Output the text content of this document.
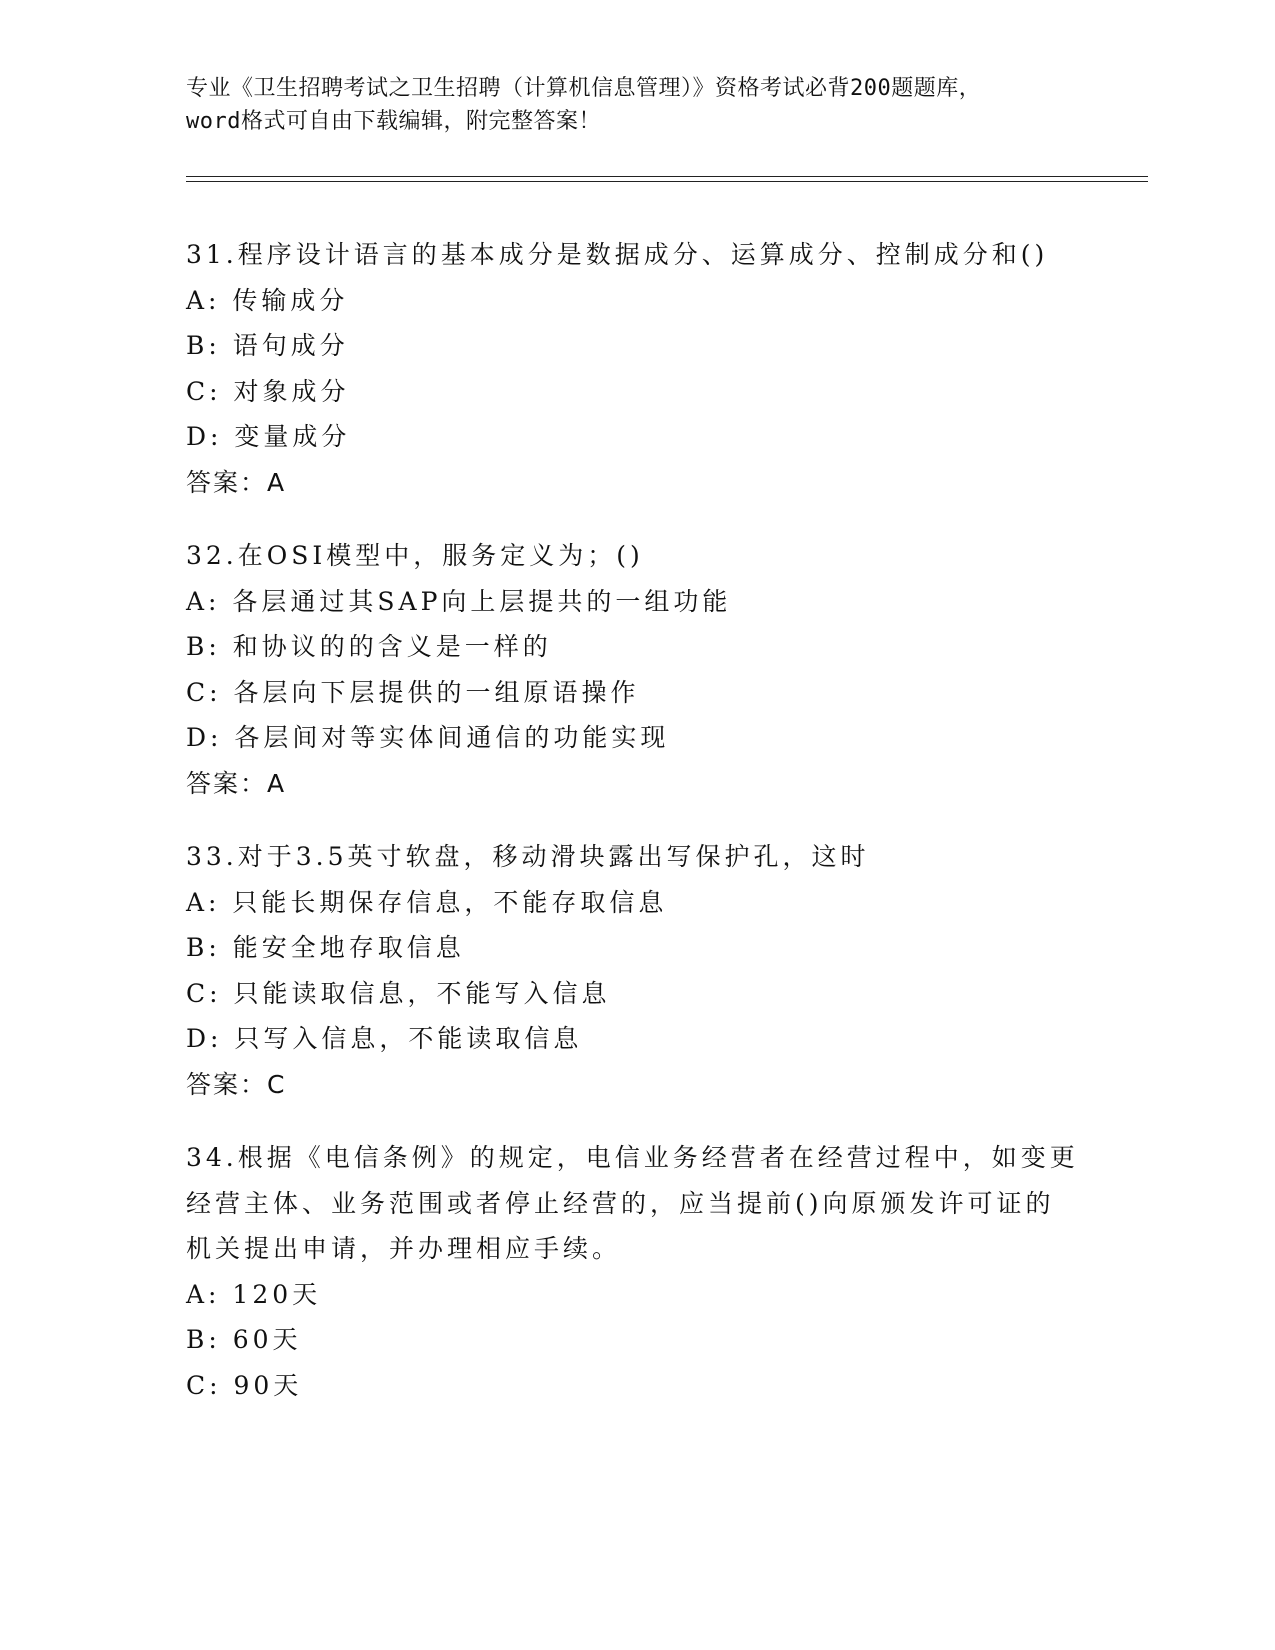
专业《卫生招聘考试之卫生招聘（计算机信息管理）》资格考试必背200题题库，
word格式可自由下载编辑，附完整答案！
31.程序设计语言的基本成分是数据成分、运算成分、控制成分和()
A: 传输成分
B: 语句成分
C: 对象成分
D: 变量成分
答案：A
32.在OSI模型中，服务定义为；()
A: 各层通过其SAP向上层提共的一组功能
B: 和协议的的含义是一样的
C: 各层向下层提供的一组原语操作
D: 各层间对等实体间通信的功能实现
答案：A
33.对于3.5英寸软盘，移动滑块露出写保护孔，这时
A: 只能长期保存信息，不能存取信息
B: 能安全地存取信息
C: 只能读取信息，不能写入信息
D: 只写入信息，不能读取信息
答案：C
34.根据《电信条例》的规定，电信业务经营者在经营过程中，如变更
经营主体、业务范围或者停止经营的，应当提前()向原颁发许可证的
机关提出申请，并办理相应手续。
A: 120天
B: 60天
C: 90天
